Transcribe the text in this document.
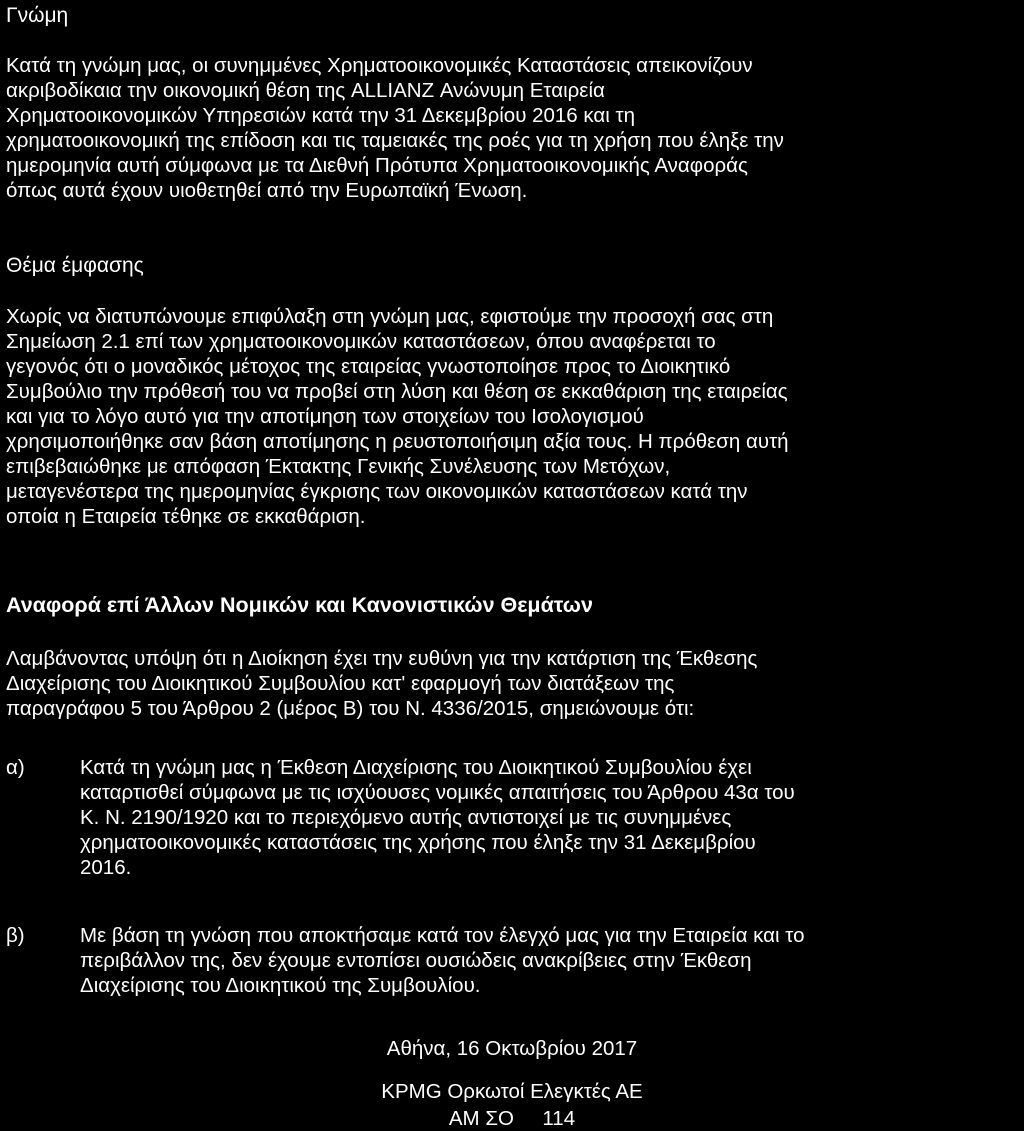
Γνώμη
Κατά τη γνώμη μας, οι συνημμένες Χρηματοοικονομικές Καταστάσεις απεικονίζουν
ακριβοδίκαια την οικονομική θέση της ALLIANZ Ανώνυμη Εταιρεία
Χρηματοοικονομικών Υπηρεσιών κατά την 31 Δεκεμβρίου 2016 και τη
χρηματοοικονομική της επίδοση και τις ταμειακές της ροές για τη χρήση που έληξε την
ημερομηνία αυτή σύμφωνα με τα Διεθνή Πρότυπα Χρηματοοικονομικής Αναφοράς
όπως αυτά έχουν υιοθετηθεί από την Ευρωπαϊκή Ένωση.
Θέμα έμφασης
Χωρίς να διατυπώνουμε επιφύλαξη στη γνώμη μας, εφιστούμε την προσοχή σας στη
Σημείωση 2.1 επί των χρηματοοικονομικών καταστάσεων, όπου αναφέρεται το
γεγονός ότι ο μοναδικός μέτοχος της εταιρείας γνωστοποίησε προς το Διοικητικό
Συμβούλιο την πρόθεσή του να προβεί στη λύση και θέση σε εκκαθάριση της εταιρείας
και για το λόγο αυτό για την αποτίμηση των στοιχείων του Ισολογισμού
χρησιμοποιήθηκε σαν βάση αποτίμησης η ρευστοποιήσιμη αξία τους. Η πρόθεση αυτή
επιβεβαιώθηκε με απόφαση Έκτακτης Γενικής Συνέλευσης των Μετόχων,
μεταγενέστερα της ημερομηνίας έγκρισης των οικονομικών καταστάσεων κατά την
οποία η Εταιρεία τέθηκε σε εκκαθάριση.
Αναφορά επί Άλλων Νομικών και Κανονιστικών Θεμάτων
Λαμβάνοντας υπόψη ότι η Διοίκηση έχει την ευθύνη για την κατάρτιση της Έκθεσης
Διαχείρισης του Διοικητικού Συμβουλίου κατ' εφαρμογή των διατάξεων της
παραγράφου 5 του Άρθρου 2 (μέρος Β) του Ν. 4336/2015, σημειώνουμε ότι:
α)	Κατά τη γνώμη μας η Έκθεση Διαχείρισης του Διοικητικού Συμβουλίου έχει
καταρτισθεί σύμφωνα με τις ισχύουσες νομικές απαιτήσεις του Άρθρου 43α του
Κ. Ν. 2190/1920 και το περιεχόμενο αυτής αντιστοιχεί με τις συνημμένες
χρηματοοικονομικές καταστάσεις της χρήσης που έληξε την 31 Δεκεμβρίου
2016.
β)	Με βάση τη γνώση που αποκτήσαμε κατά τον έλεγχό μας για την Εταιρεία και το
περιβάλλον της, δεν έχουμε εντοπίσει ουσιώδεις ανακρίβειες στην Έκθεση
Διαχείρισης του Διοικητικού της Συμβουλίου.
Αθήνα, 16 Οκτωβρίου 2017
KPMG Ορκωτοί Ελεγκτές ΑΕ
ΑΜ ΣΟ     114
